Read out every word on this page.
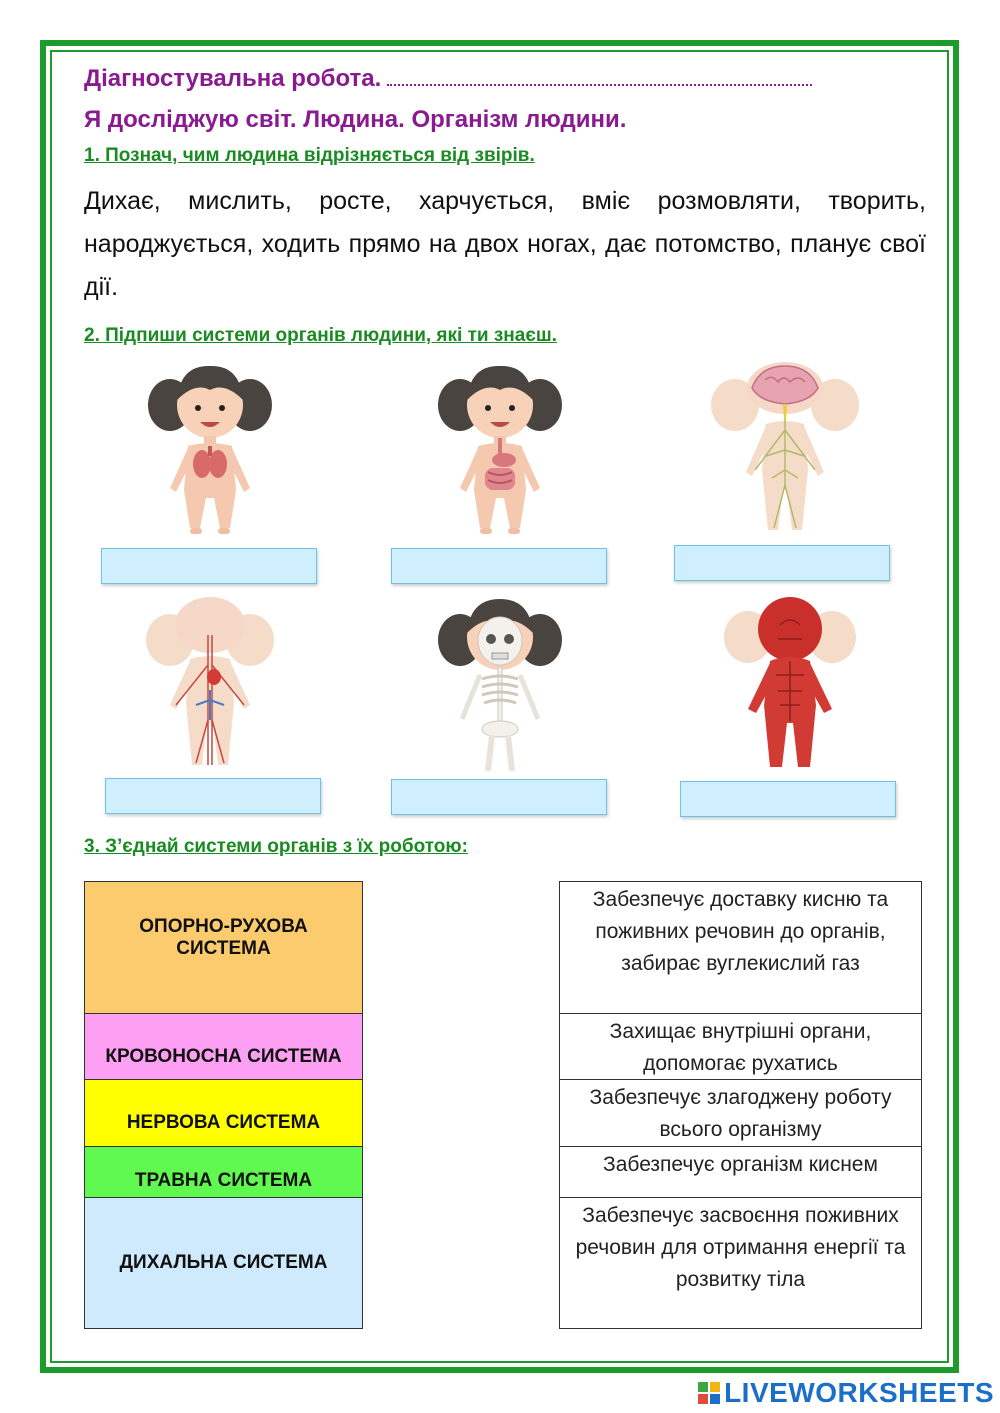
Діагностувальна робота.
Я досліджую світ. Людина. Організм людини.
1. Познач, чим людина відрізняється від звірів.
Дихає, мислить, росте, харчується, вміє розмовляти, творить, народжується, ходить прямо на двох ногах, дає потомство, планує свої дії.
2. Підпиши системи органів людини, які ти знаєш.
3. З’єднай системи органів з їх роботою:
ОПОРНО-РУХОВА СИСТЕМА
КРОВОНОСНА СИСТЕМА
НЕРВОВА СИСТЕМА
ТРАВНА СИСТЕМА
ДИХАЛЬНА СИСТЕМА
Забезпечує доставку кисню та поживних речовин до органів, забирає вуглекислий газ
Захищає внутрішні органи, допомогає рухатись
Забезпечує злагоджену роботу всього організму
Забезпечує організм киснем
Забезпечує засвоєння поживних речовин для отримання енергії та розвитку тіла
LIVEWORKSHEETS
